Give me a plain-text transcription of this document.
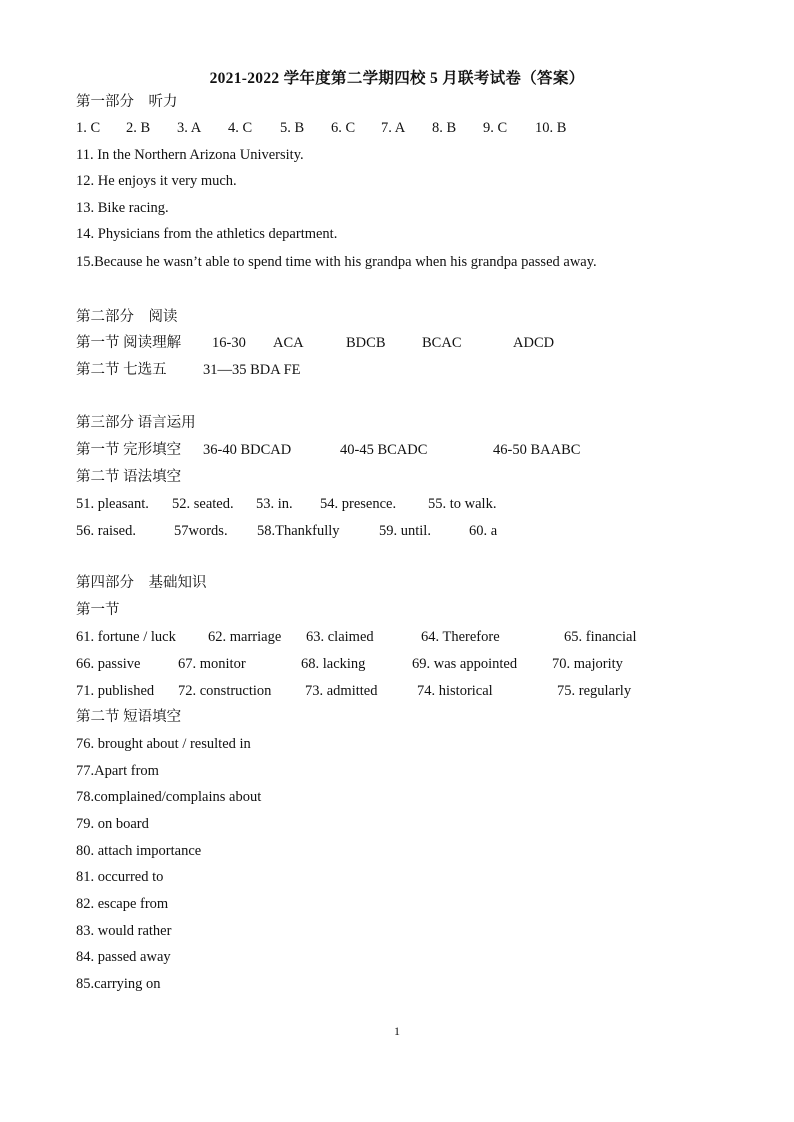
2021-2022 学年度第二学期四校 5 月联考试卷（答案）
第一部分　听力
1. C 2. B 3. A 4. C 5. B 6. C 7. A 8. B 9. C 10. B
11. In the Northern Arizona University.
12. He enjoys it very much.
13. Bike racing.
14. Physicians from the athletics department.
15.Because he wasn’t able to spend time with his grandpa when his grandpa passed away.
第二部分　阅读
第一节 阅读理解 16-30 ACA	BDCB	BCAC	ADCD
第二节 七选五	31—35 BDA FE
第三部分 语言运用
第一节 完形填空 36-40 BDCAD	40-45 BCADC	46-50 BAABC
第二节 语法填空
51. pleasant. 52. seated. 53. in. 54. presence. 55. to walk.
56. raised.	57words. 58.Thankfully	59. until.	60. a
第四部分　基础知识
第一节
61. fortune / luck 62. marriage 63. claimed	64. Therefore	65. financial
66. passive	67. monitor	68. lacking	69. was appointed 70. majority
71. published 72. construction 73. admitted	74. historical	75. regularly
第二节 短语填空
76. brought about / resulted in
77.Apart from
78.complained/complains about
79. on board
80. attach importance
81. occurred to
82. escape from
83. would rather
84. passed away
85.carrying on
1
